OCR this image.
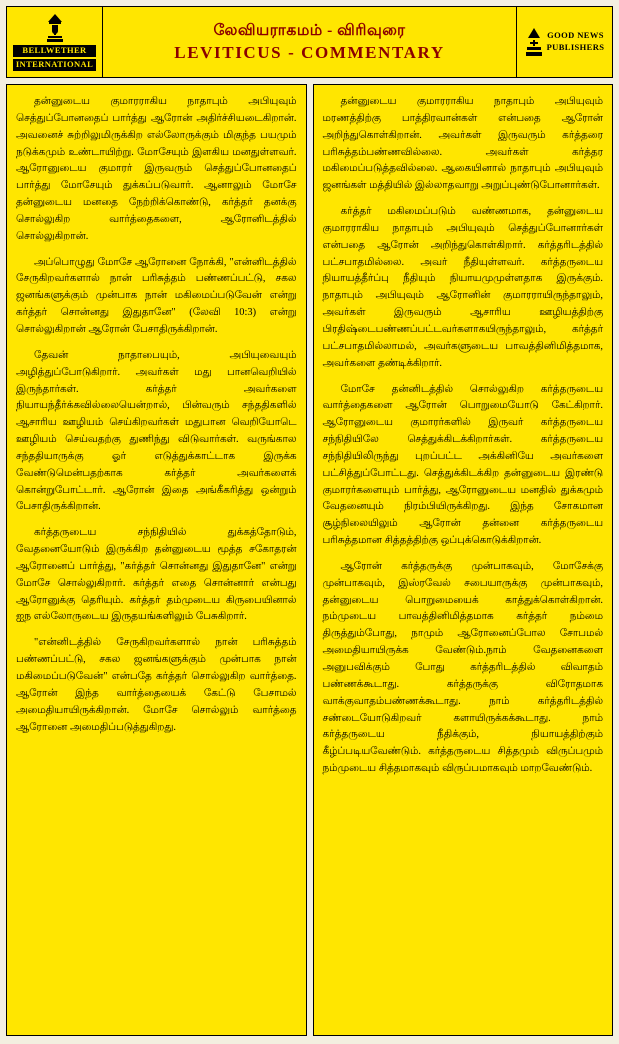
BELLWETHER
INTERNATIONAL
லேவியராகமம் - விரிவுரை
LEVITICUS - COMMENTARY
GOOD NEWS
PUBLISHERS

தன்னுடைய குமாரராகிய நாதாபும் அபியுவும் செத்துப்போனதைப் பார்த்து ஆரோன் அதிர்ச்சியடைகிறான். அவனைச் சுற்றிலுமிருக்கிற எல்லோருக்கும் மிகுந்த பயமும் நடுக்கமும் உண்டாயிற்று. மோசேயும் இளகிய மனதுள்ளவர். ஆரோனுடைய குமாரர் இருவரும் செத்துப்போனதைப் பார்த்து மோசேயும் துக்கப்படுவார். ஆனாலும் மோசே தன்னுடைய மனதை நேற்றிக்கொண்டு, கர்த்தர் தனக்கு சொல்லுகிற வார்த்தைகளை, ஆரோனிடத்தில் சொல்லுகிறான்.

அப்பொழுது மோசே ஆரோனை நோக்கி, "என்னிடத்தில் சேருகிறவர்களால் நான் பரிசுத்தம் பண்ணப்பட்டு, சகல ஜனங்களுக்கும் முன்பாக நான் மகிமைப்படுவேன் என்று கர்த்தர் சொன்னது இதுதானே" (லேவி 10:3) என்று சொல்லுகிறான் ஆரோன் பேசாதிருக்கிறான்.

தேவன் நாதாபையும், அபியுவையும் அழித்துப்போடுகிறார். அவர்கள் மது பானவெறியில் இருந்தார்கள். கர்த்தர் அவர்களை நியாயந்தீர்க்கவில்லையென்றால், பின்வரும் சந்ததிகளில் ஆசாரிய ஊழியம் செய்கிறவர்கள் மதுபான வெறியோடெ ஊழியம் செய்வதற்கு துணிந்து விடுவார்கள். வருங்கால சந்ததியாருக்கு ஓர் எடுத்துக்காட்டாக இருக்க வேண்டுமென்பதற்காக கர்த்தர் அவர்களைக் கொன்றுபோட்டார். ஆரோன் இதை அங்கீகரித்து ஒன்றும் பேசாதிருக்கிறான்.

கர்த்தருடைய சந்நிதியில் துக்கத்தோடும், வேதனையோடும் இருக்கிற தன்னுடைய மூத்த சகோதரன் ஆரோனைப் பார்த்து, "கர்த்தர் சொன்னது இதுதானே" என்று மோசே சொல்லுகிறார். கர்த்தர் எதை சொன்னார் என்பது ஆரோனுக்கு தெரியும். கர்த்தர் தம்முடைய கிருபையினால் ஐந எல்லோருடைய இருதயங்களிலும் பேசுகிறார்.

"என்னிடத்தில் சேருகிறவர்களால் நான் பரிசுத்தம் பண்ணப்பட்டு, சகல ஜனங்களுக்கும் முன்பாக நான் மகிமைப்படுவேன்" என்பதே கர்த்தர் சொல்லுகிற வார்த்தை. ஆரோன் இந்த வார்த்தையைக் கேட்டு பேசாமல் அமைதியாயிருக்கிறான். மோசே சொல்லும் வார்த்தை ஆரோனை அமைதிப்படுத்துகிறது.

தன்னுடைய குமாரராகிய நாதாபும் அபியுவும் மரணத்திற்கு பாத்திரவான்கள் என்பதை ஆரோன் அறிந்துகொள்கிறான். அவர்கள் இருவரும் கர்த்தரை பரிசுத்தம்பண்ணவில்லை. அவர்கள் கர்த்தர மகிமைப்படுத்தவில்லை. ஆகையினால் நாதாபும் அபியுவும் ஜனங்கள் மத்தியில் இல்லாதவாறு அறுப்புண்டுபோனார்கள்.

கர்த்தர் மகிமைப்படும் வண்ணமாக, தன்னுடைய குமாரராகிய நாதாபும் அபியுவும் செத்துப்போனார்கள் என்பதை ஆரோன் அறிந்துகொள்கிறார். கர்த்தரிடத்தில் பட்சபாதமில்லை. அவர் நீதியுள்ளவர். கர்த்தருடைய நியாயத்தீர்ப்பு நீதியும் நியாயமுமுள்ளதாக இருக்கும். நாதாபும் அபியுவும் ஆரோனின் குமாரராயிருந்தாலும், அவர்கள் இருவரும் ஆசாரிய ஊழியத்திற்கு பிரதிஷ்டைபண்ணப்பட்டவர்களாகயிருந்தாலும், கர்த்தர் பட்சபாதமில்லாமல், அவர்களுடைய பாவத்தினிமித்தமாக, அவர்களை தண்டிக்கிறார்.

மோசே தன்னிடத்தில் சொல்லுகிற கர்த்தருடைய வார்த்தைகளை ஆரோன் பொறுமையோடு கேட்கிறார். ஆரோனுடைய குமாரர்களில் இருவர் கர்த்தருடைய சந்நிதியிலே செத்துக்கிடக்கிறார்கள். கர்த்தருடைய சந்நிதியிலிருந்து புறப்பட்ட அக்கினியே அவர்களை பட்சித்துப்போட்டது. செத்துக்கிடக்கிற தன்னுடைய இரண்டு குமாரர்களையும் பார்த்து, ஆரோனுடைய மனதில் துக்கமும் வேதனையும் நிரம்பியிருக்கிறது. இந்த சோகமான சூழ்நிலையிலும் ஆரோன் தன்னை கர்த்தருடைய பரிசுத்தமான சித்தத்திற்கு ஒப்புக்கொடுக்கிறான்.

ஆரோன் கர்த்தருக்கு முன்பாகவும், மோசேக்கு முன்பாகவும், இஸ்ரவேல் சபையாருக்கு முன்பாகவும், தன்னுடைய பொறுமையைக் காத்துக்கொள்கிறான். நம்முடைய பாவத்தினிமித்தமாக கர்த்தர் நம்மை திருத்தும்போது, நாமும் ஆரோனைப்போல சோபமல் அமைதியாயிருக்க வேண்டும்.நாம் வேதனைகளை அனுபவிக்கும் போது கர்த்தரிடத்தில் விவாதம் பண்ணக்கூடாது. கர்த்தருக்கு விரோதமாக வாக்குவாதம்பண்ணக்கூடாது. நாம் கர்த்தரிடத்தில் சண்டையோடுகிறவர் களாயிருக்கக்கூடாது. நாம் கர்த்தருடைய நீதிக்கும், நியாயத்திற்கும் கீழ்ப்படியவேண்டும். கர்த்தருடைய சித்தமும் விருப்பமும் நம்முடைய சித்தமாகவும் விருப்பமாகவும் மாறவேண்டும்.
